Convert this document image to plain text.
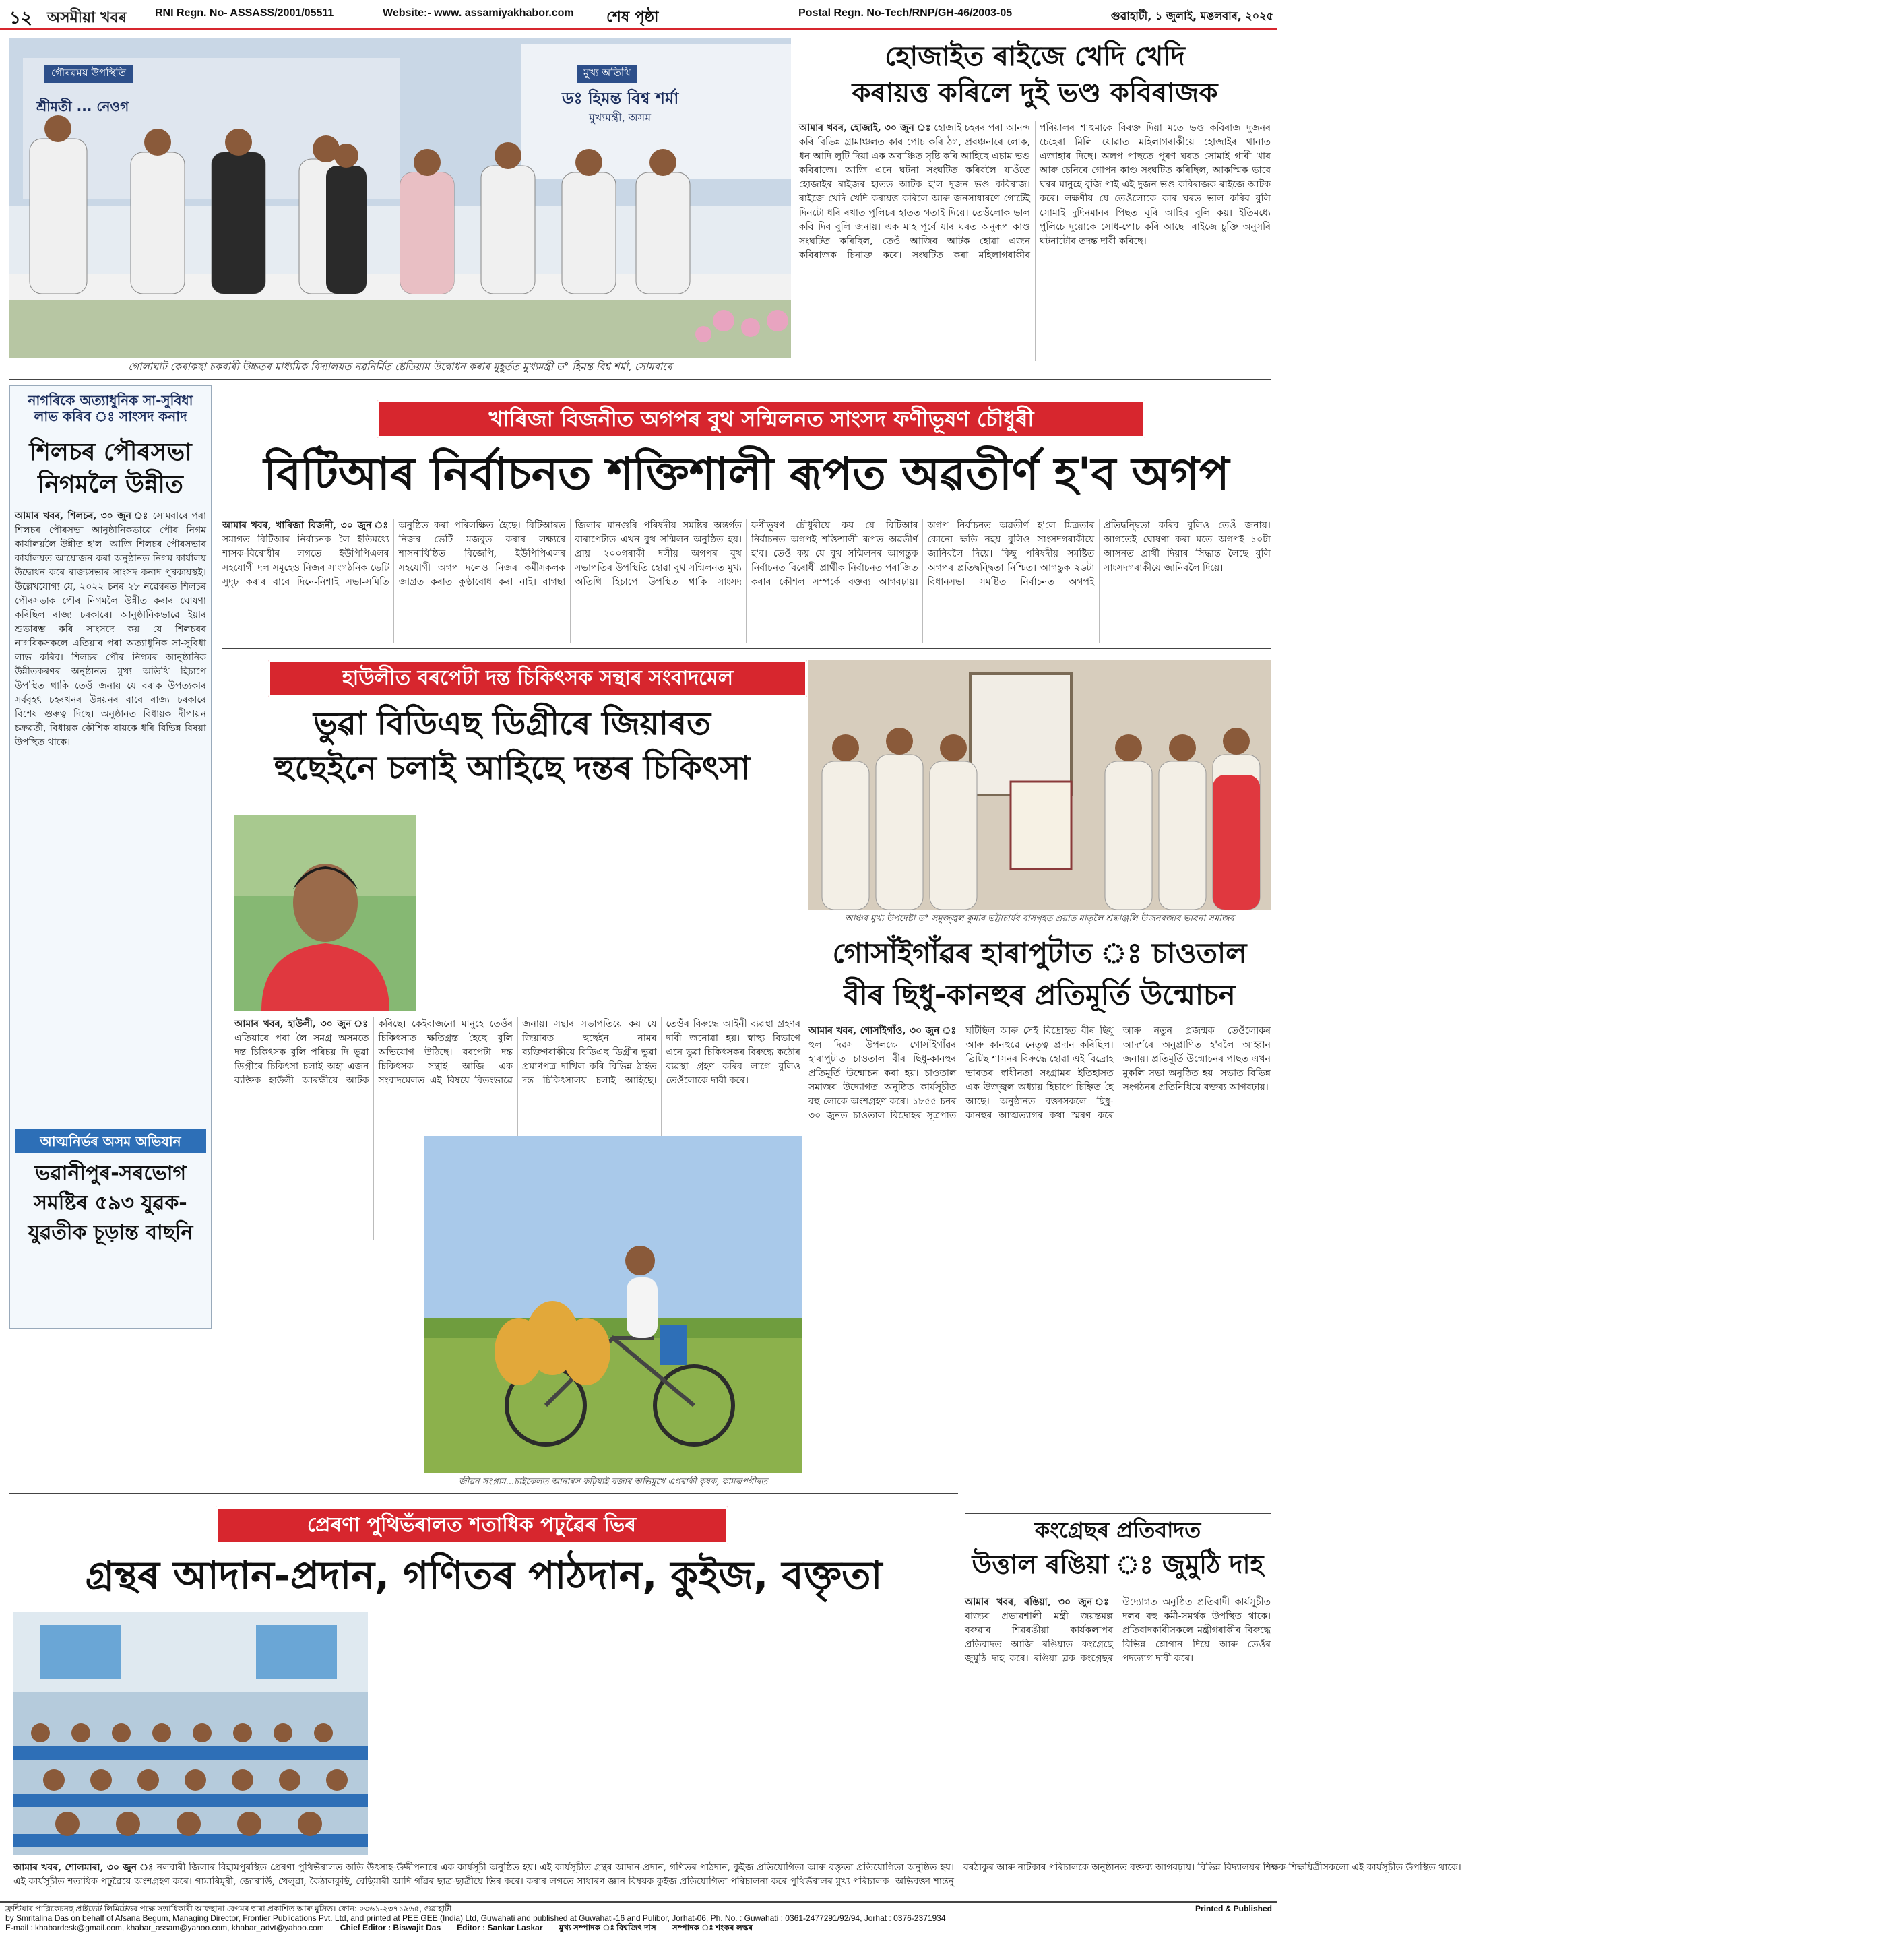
১২ অসমীয়া খবৰ	RNI Regn. No- ASSASS/2001/05511	Website:- www. assamiyakhabor.com শেষ পৃষ্ঠা	Postal Regn. No-Tech/RNP/GH-46/2003-05	গুৱাহাটী, ১ জুলাই, মঙলবাৰ, ২০২৫
মুখ্য অতিথি
ডঃ হিমন্ত বিশ্ব শৰ্মা
মুখ্যমন্ত্ৰী, অসম
গৌৰৱময় উপস্থিতি
শ্ৰীমতী ... নেওগ
গোলাঘাট কেৰাকছা চকবাৰী উচ্চতৰ মাধ্যমিক বিদ্যালয়ত নৱনিৰ্মিত ষ্টেডিয়াম উদ্বোধন কৰাৰ মুহূৰ্তত মুখ্যমন্ত্ৰী ড° হিমন্ত বিশ্ব শৰ্মা, সোমবাৰে
হোজাইত ৰাইজে খেদি খেদি
কৰায়ত্ত কৰিলে দুই ভণ্ড কবিৰাজক
আমাৰ খবৰ, হোজাই, ৩০ জুন ঃ হোজাই চহৰৰ পৰা আনন্দ কৰি বিভিন্ন গ্ৰামাঞ্চলত কাৰ পোচ কৰি ঠগ, প্ৰবঞ্চনাৰে লোক, ধন আদি লুটি দিয়া এক অবাঞ্চিত সৃষ্টি কৰি আহিছে এচাম ভণ্ড কবিৰাজে। আজি এনে ঘটনা সংঘটিত কৰিবলৈ যাওঁতে হোজাইৰ ৰাইজৰ হাতত আটক হ'ল দুজন ভণ্ড কবিৰাজ। ৰাইজে খেদি খেদি কৰায়ত্ত কৰিলে আৰু জনসাধাৰণে গোটেই দিনটো ধৰি ৰখাত পুলিচৰ হাতত গতাই দিয়ে। তেওঁলোক ভাল কবি দিব বুলি জনায়। এক মাহ পূৰ্বে যাৰ ঘৰত অনুৰূপ কাণ্ড সংঘটিত কৰিছিল, তেওঁ আজিৰ আটক হোৱা এজন কবিৰাজক চিনাক্ত কৰে। সংঘটিত কৰা মহিলাগৰাকীৰ পৰিয়ালৰ শাহুমাকে বিৰক্ত দিয়া মতে ভণ্ড কবিৰাজ দুজনৰ চেহেৰা মিলি যোৱাত মহিলাগৰাকীয়ে হোজাইৰ থানাত এজাহাৰ দিছে। অলপ পাছতে পুৰণ ঘৰত সোমাই গাৰী খাৰ আৰু চেনিৰে গোপন কাণ্ড সংঘটিত কৰিছিল, আকস্মিক ভাবে ঘৰৰ মানুহে বুজি পাই এই দুজন ভণ্ড কবিৰাজক ৰাইজে আটক কৰে। লক্ষণীয় যে তেওঁলোকে কাৰ ঘৰত ভাল কৰিব বুলি সোমাই দুদিনমানৰ পিছত ঘূৰি আহিব বুলি কয়। ইতিমধ্যে পুলিচে দুয়োকে সোধ-পোচ কৰি আছে। ৰাইজে চুক্তি অনুসৰি ঘটনাটোৰ তদন্ত দাবী কৰিছে।
নাগৰিকে অত্যাধুনিক সা-সুবিধা লাভ কৰিব ঃ সাংসদ কনাদ
শিলচৰ পৌৰসভা নিগমলৈ উন্নীত
আমাৰ খবৰ, শিলচৰ, ৩০ জুন ঃ সোমবাৰে পৰা শিলচৰ পৌৰসভা আনুষ্ঠানিকভাৱে পৌৰ নিগম কাৰ্যালয়লৈ উন্নীত হ'ল। আজি শিলচৰ পৌৰসভাৰ কাৰ্যালয়ত আয়োজন কৰা অনুষ্ঠানত নিগম কাৰ্যালয় উদ্বোধন কৰে ৰাজ্যসভাৰ সাংসদ কনাদ পুৰকায়স্থই। উল্লেখযোগ্য যে, ২০২২ চনৰ ২৮ নৱেম্বৰত শিলচৰ পৌৰসভাক পৌৰ নিগমলৈ উন্নীত কৰাৰ ঘোষণা কৰিছিল ৰাজ্য চৰকাৰে। আনুষ্ঠানিকভাৱে ইয়াৰ শুভাৰম্ভ কৰি সাংসদে কয় যে শিলচৰৰ নাগৰিকসকলে এতিয়াৰ পৰা অত্যাধুনিক সা-সুবিধা লাভ কৰিব। শিলচৰ পৌৰ নিগমৰ আনুষ্ঠানিক উন্নীতকৰণৰ অনুষ্ঠানত মুখ্য অতিথি হিচাপে উপস্থিত থাকি তেওঁ জনায় যে বৰাক উপত্যকাৰ সৰ্ববৃহৎ চহৰখনৰ উন্নয়নৰ বাবে ৰাজ্য চৰকাৰে বিশেষ গুৰুত্ব দিছে। অনুষ্ঠানত বিধায়ক দীপায়ন চক্ৰৱৰ্তী, বিধায়ক কৌশিক ৰায়কে ধৰি বিভিন্ন বিষয়া উপস্থিত থাকে।
আত্মনিৰ্ভৰ অসম অভিযান
ভৱানীপুৰ-সৰভোগ সমষ্টিৰ ৫৯৩ যুৱক-যুৱতীক চূড়ান্ত বাছনি
খাৰিজা বিজনীত অগপৰ বুথ সন্মিলনত সাংসদ ফণীভূষণ চৌধুৰী
বিটিআৰ নিৰ্বাচনত শক্তিশালী ৰূপত অৱতীৰ্ণ হ'ব অগপ
আমাৰ খবৰ, খাৰিজা বিজনী, ৩০ জুন ঃ সমাগত বিটিআৰ নিৰ্বাচনক লৈ ইতিমধ্যে শাসক-বিৰোধীৰ লগতে ইউপিপিএলৰ সহযোগী দল সমূহেও নিজৰ সাংগঠনিক ভেটি সুদৃঢ় কৰাৰ বাবে দিনে-নিশাই সভা-সমিতি অনুষ্ঠিত কৰা পৰিলক্ষিত হৈছে। বিটিআৰত নিজৰ ভেটি মজবুত কৰাৰ লক্ষ্যৰে শাসনাধিষ্ঠিত বিজেপি, ইউপিপিএলৰ সহযোগী অগপ দলেও নিজৰ কৰ্মীসকলক জাগ্ৰত কৰাত কুণ্ঠাবোধ কৰা নাই। বাগছা জিলাৰ মানগুৰি পৰিষদীয় সমষ্টিৰ অন্তৰ্গত বাৰাপেটাত এখন বুথ সন্মিলন অনুষ্ঠিত হয়। প্ৰায় ২০০গৰাকী দলীয় অগপৰ বুথ সভাপতিৰ উপস্থিতি হোৱা বুথ সন্মিলনত মুখ্য অতিথি হিচাপে উপস্থিত থাকি সাংসদ ফণীভূষণ চৌধুৰীয়ে কয় যে বিটিআৰ নিৰ্বাচনত অগপই শক্তিশালী ৰূপত অৱতীৰ্ণ হ'ব। তেওঁ কয় যে বুথ সন্মিলনৰ আগন্তুক নিৰ্বাচনত বিৰোধী প্ৰাৰ্থীক নিৰ্বাচনত পৰাজিত কৰাৰ কৌশল সম্পৰ্কে বক্তব্য আগবঢ়ায়। অগপ নিৰ্বাচনত অৱতীৰ্ণ হ'লে মিত্ৰতাৰ কোনো ক্ষতি নহয় বুলিও সাংসদগৰাকীয়ে জানিবলৈ দিয়ে। কিছু পৰিষদীয় সমষ্টিত অগপৰ প্ৰতিদ্বন্দ্বিতা নিশ্চিত। আগন্তুক ২৬টা বিধানসভা সমষ্টিত নিৰ্বাচনত অগপই প্ৰতিদ্বন্দ্বিতা কৰিব বুলিও তেওঁ জনায়। আগতেই ঘোষণা কৰা মতে অগপই ১০টা আসনত প্ৰাৰ্থী দিয়াৰ সিদ্ধান্ত লৈছে বুলি সাংসদগৰাকীয়ে জানিবলৈ দিয়ে।
হাউলীত বৰপেটা দন্ত চিকিৎসক সন্থাৰ সংবাদমেল
ভুৱা বিডিএছ ডিগ্ৰীৰে জিয়াৰত
হুছেইনে চলাই আহিছে দন্তৰ চিকিৎসা
আমাৰ খবৰ, হাউলী, ৩০ জুন ঃ এতিয়াৰে পৰা লৈ সমগ্ৰ অসমতে দন্ত চিকিৎসক বুলি পৰিচয় দি ভুৱা ডিগ্ৰীৰে চিকিৎসা চলাই অহা এজন ব্যক্তিক হাউলী আৰক্ষীয়ে আটক কৰিছে। কেইবাজনো মানুহে তেওঁৰ চিকিৎসাত ক্ষতিগ্ৰস্ত হৈছে বুলি অভিযোগ উঠিছে। বৰপেটা দন্ত চিকিৎসক সন্থাই আজি এক সংবাদমেলত এই বিষয়ে বিতংভাৱে জনায়। সন্থাৰ সভাপতিয়ে কয় যে জিয়াৰত হুছেইন নামৰ ব্যক্তিগৰাকীয়ে বিডিএছ ডিগ্ৰীৰ ভুৱা প্ৰমাণপত্ৰ দাখিল কৰি বিভিন্ন ঠাইত দন্ত চিকিৎসালয় চলাই আহিছে। তেওঁৰ বিৰুদ্ধে আইনী ব্যৱস্থা গ্ৰহণৰ দাবী জনোৱা হয়। স্বাস্থ্য বিভাগে এনে ভুৱা চিকিৎসকৰ বিৰুদ্ধে কঠোৰ ব্যৱস্থা গ্ৰহণ কৰিব লাগে বুলিও তেওঁলোকে দাবী কৰে।
জীৱন সংগ্ৰাম...চাইকেলত আনাৰস কঢ়িয়াই বজাৰ অভিমুখে এগৰাকী কৃষক, কামৰূপগীৰত
আঞ্চৰ মুখ্য উপদেষ্টা ড° সমুজ্জ্বল কুমাৰ ভট্টাচাৰ্যৰ বাসগৃহত প্ৰয়াত মাতৃলৈ শ্ৰদ্ধাঞ্জলি উজনবজাৰ ভাৱনা সমাজৰ
গোসাঁইগাঁৱৰ হাৰাপুটাত ঃ চাওতাল
বীৰ ছিধু-কানহুৰ প্ৰতিমূৰ্তি উন্মোচন
আমাৰ খবৰ, গোসাঁইগাঁও, ৩০ জুন ঃ হুল দিৱস উপলক্ষে গোসাঁইগাঁৱৰ হাৰাপুটাত চাওতাল বীৰ ছিধু-কানহুৰ প্ৰতিমূৰ্তি উন্মোচন কৰা হয়। চাওতাল সমাজৰ উদ্যোগত অনুষ্ঠিত কাৰ্যসূচীত বহু লোকে অংশগ্ৰহণ কৰে। ১৮৫৫ চনৰ ৩০ জুনত চাওতাল বিদ্ৰোহৰ সূত্ৰপাত ঘটিছিল আৰু সেই বিদ্ৰোহত বীৰ ছিধু আৰু কানহুৱে নেতৃত্ব প্ৰদান কৰিছিল। ব্ৰিটিছ শাসনৰ বিৰুদ্ধে হোৱা এই বিদ্ৰোহ ভাৰতৰ স্বাধীনতা সংগ্ৰামৰ ইতিহাসত এক উজ্জ্বল অধ্যায় হিচাপে চিহ্নিত হৈ আছে। অনুষ্ঠানত বক্তাসকলে ছিধু-কানহুৰ আত্মত্যাগৰ কথা স্মৰণ কৰে আৰু নতুন প্ৰজন্মক তেওঁলোকৰ আদৰ্শৰে অনুপ্ৰাণিত হ'বলৈ আহ্বান জনায়। প্ৰতিমূৰ্তি উন্মোচনৰ পাছত এখন মুকলি সভা অনুষ্ঠিত হয়। সভাত বিভিন্ন সংগঠনৰ প্ৰতিনিধিয়ে বক্তব্য আগবঢ়ায়।
কংগ্ৰেছৰ প্ৰতিবাদত
উত্তাল ৰঙিয়া ঃ জুমুঠি দাহ
আমাৰ খবৰ, ৰঙিয়া, ৩০ জুন ঃ ৰাজ্যৰ প্ৰভাৱশালী মন্ত্ৰী জয়ন্তমল্ল বৰুৱাৰ শিৱৰঙীয়া কাৰ্যকলাপৰ প্ৰতিবাদত আজি ৰঙিয়াত কংগ্ৰেছে জুমুঠি দাহ কৰে। ৰঙিয়া ব্লক কংগ্ৰেছৰ উদ্যোগত অনুষ্ঠিত প্ৰতিবাদী কাৰ্যসূচীত দলৰ বহু কৰ্মী-সমৰ্থক উপস্থিত থাকে। প্ৰতিবাদকাৰীসকলে মন্ত্ৰীগৰাকীৰ বিৰুদ্ধে বিভিন্ন শ্লোগান দিয়ে আৰু তেওঁৰ পদত্যাগ দাবী কৰে।
প্ৰেৰণা পুথিভঁৰালত শতাধিক পঢ়ুৱৈৰ ভিৰ
গ্ৰন্থৰ আদান-প্ৰদান, গণিতৰ পাঠদান, কুইজ, বক্তৃতা
আমাৰ খবৰ, শোলমাৰা, ৩০ জুন ঃ নলবাৰী জিলাৰ বিহামপুৰস্থিত প্ৰেৰণা পুথিভঁৰালত অতি উৎসাহ-উদ্দীপনাৰে এক কাৰ্যসূচী অনুষ্ঠিত হয়। এই কাৰ্যসূচীত গ্ৰন্থৰ আদান-প্ৰদান, গণিতৰ পাঠদান, কুইজ প্ৰতিযোগিতা আৰু বক্তৃতা প্ৰতিযোগিতা অনুষ্ঠিত হয়। এই কাৰ্যসূচীত শতাধিক পঢ়ুৱৈয়ে অংশগ্ৰহণ কৰে। গামাৰিমুৰী, জোৰাৰ্ডি, খেলুৱা, কৈঠালকুছি, বেছিমাৰী আদি গাঁৱৰ ছাত্ৰ-ছাত্ৰীয়ে ভিৰ কৰে। কৰাৰ লগতে সাধাৰণ জ্ঞান বিষয়ক কুইজ প্ৰতিযোগিতা পৰিচালনা কৰে পুথিভঁৰালৰ মুখ্য পৰিচালক। অভিবক্তা শান্তনু বৰঠাকুৰ আৰু নাটকাৰ পৰিচালকে অনুষ্ঠানত বক্তব্য আগবঢ়ায়। বিভিন্ন বিদ্যালয়ৰ শিক্ষক-শিক্ষয়িত্ৰীসকলো এই কাৰ্যসূচীত উপস্থিত থাকে।
ফ্ৰন্টিয়াৰ পাব্লিকেচনছ প্ৰাইভেট লিমিটেডৰ পক্ষে সত্তাধিকাৰী আফছানা বেগমৰ দ্বাৰা প্ৰকাশিত আৰু মুদ্ৰিত। ফোন: ০৩৬১-২৩৭১৯৬৫, গুৱাহাটী	Printed & Published
by Smritalina Das on behalf of Afsana Begum, Managing Director, Frontier Publications Pvt. Ltd, and printed at PEE GEE (India) Ltd, Guwahati and published at Guwahati-16 and Pulibor, Jorhat-06, Ph. No. : Guwahati : 0361-2477291/92/94, Jorhat : 0376-2371934
E-mail : khabardesk@gmail.com, khabar_assam@yahoo.com, khabar_advt@yahoo.com Chief Editor : Biswajit Das Editor : Sankar Laskar মুখ্য সম্পাদক ঃ বিশ্বজিৎ দাস সম্পাদক ঃ শংকৰ লস্কৰ
